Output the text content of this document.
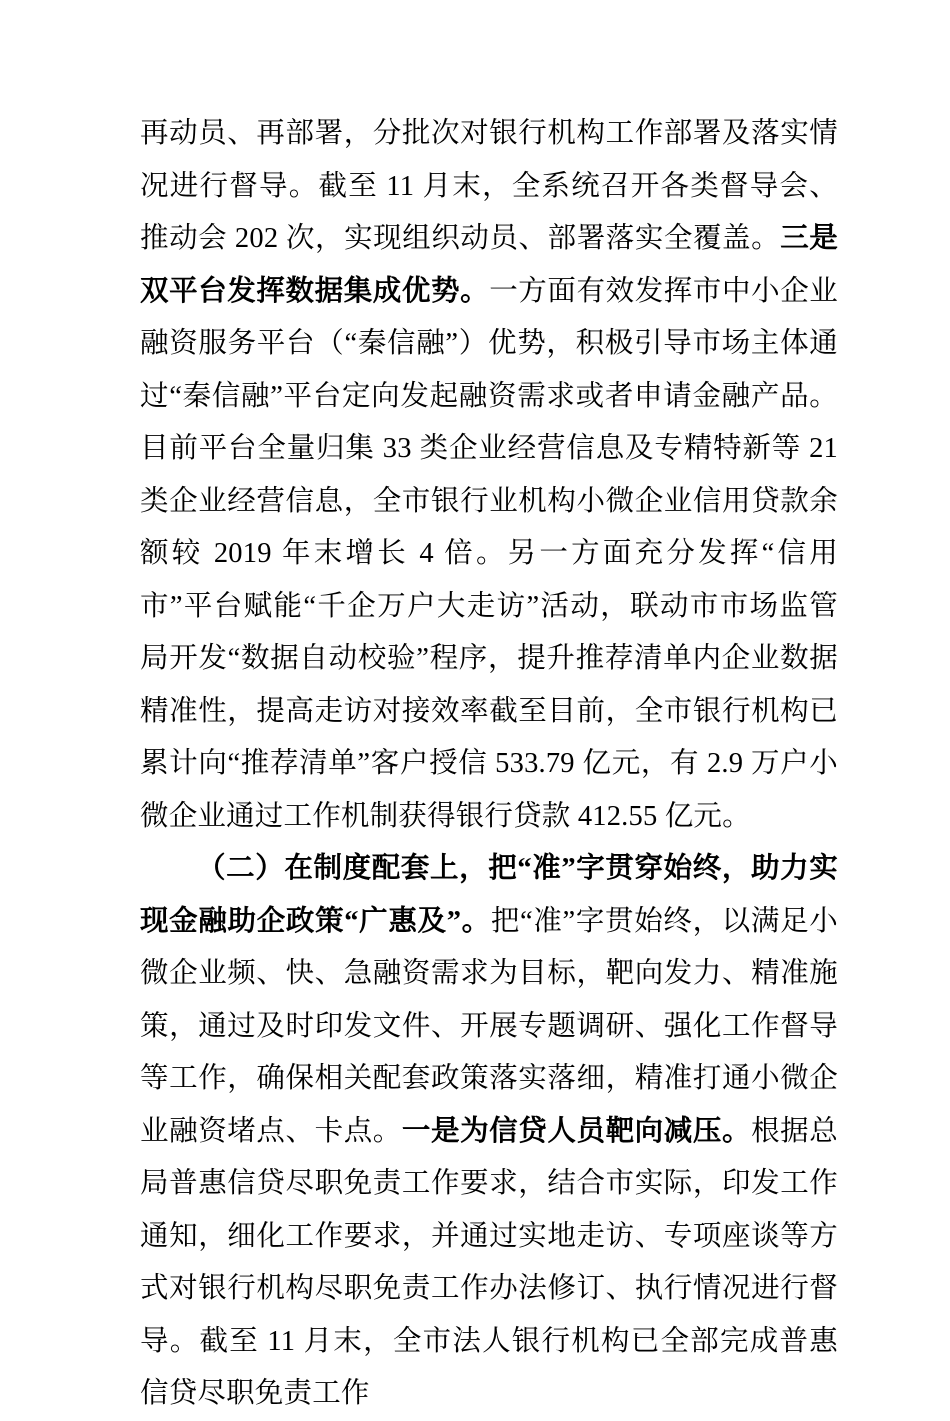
再动员、再部署，分批次对银行机构工作部署及落实情况进行督导。截至 11 月末，全系统召开各类督导会、推动会 202 次，实现组织动员、部署落实全覆盖。三是双平台发挥数据集成优势。一方面有效发挥市中小企业融资服务平台（“秦信融”）优势，积极引导市场主体通过“秦信融”平台定向发起融资需求或者申请金融产品。目前平台全量归集 33 类企业经营信息及专精特新等 21 类企业经营信息，全市银行业机构小微企业信用贷款余额较 2019 年末增长 4 倍。另一方面充分发挥“信用市”平台赋能“千企万户大走访”活动，联动市市场监管局开发“数据自动校验”程序，提升推荐清单内企业数据精准性，提高走访对接效率截至目前，全市银行机构已累计向“推荐清单”客户授信 533.79 亿元，有 2.9 万户小微企业通过工作机制获得银行贷款 412.55 亿元。

（二）在制度配套上，把“准”字贯穿始终，助力实现金融助企政策“广惠及”。把“准”字贯始终，以满足小微企业频、快、急融资需求为目标，靶向发力、精准施策，通过及时印发文件、开展专题调研、强化工作督导等工作，确保相关配套政策落实落细，精准打通小微企业融资堵点、卡点。一是为信贷人员靶向减压。根据总局普惠信贷尽职免责工作要求，结合市实际，印发工作通知，细化工作要求，并通过实地走访、专项座谈等方式对银行机构尽职免责工作办法修订、执行情况进行督导。截至 11 月末，全市法人银行机构已全部完成普惠信贷尽职免责工作
